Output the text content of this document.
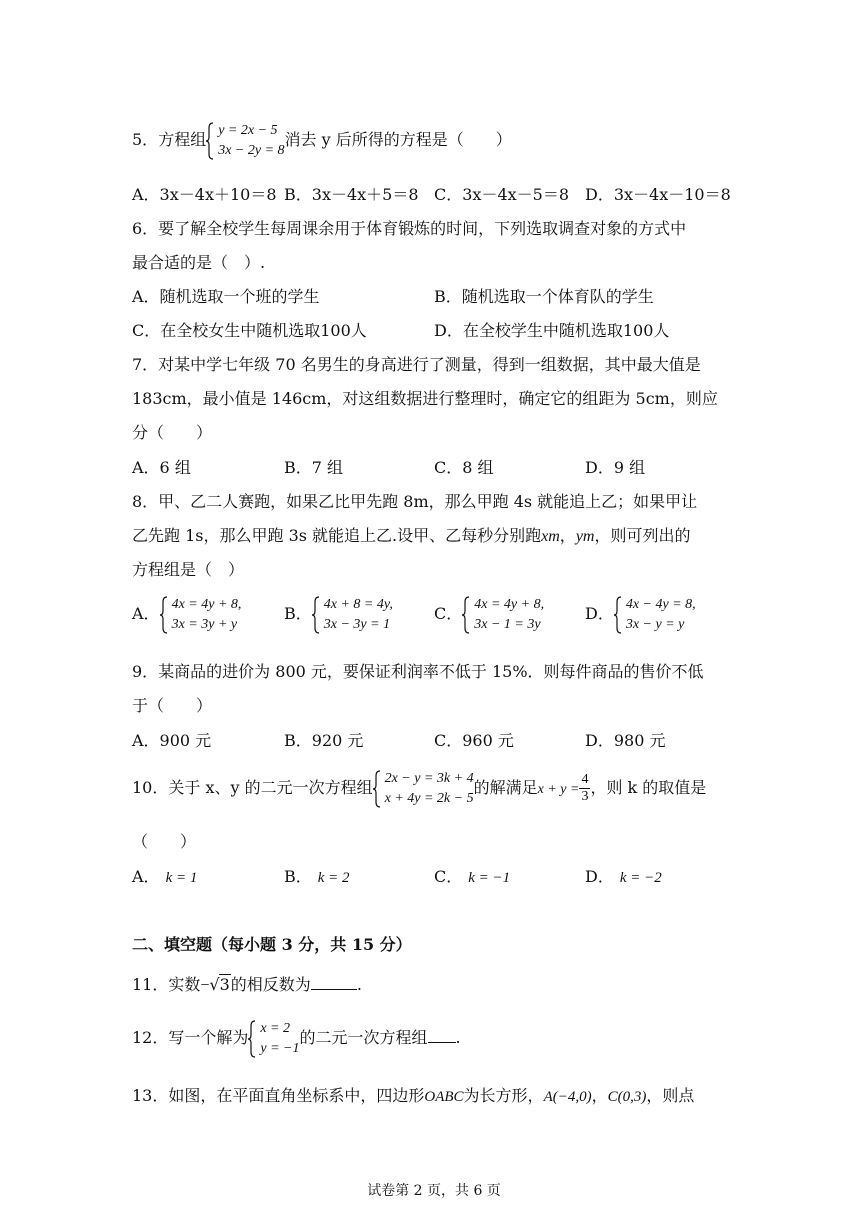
5．方程组 y = 2x − 5
3x − 2y = 8
消去 y 后所得的方程是（　　）
A．3x－4x＋10＝8 B．3x－4x＋5＝8 C．3x－4x－5＝8 D．3x－4x－10＝8
6．要了解全校学生每周课余用于体育锻炼的时间，下列选取调查对象的方式中
最合适的是（　）.
A．随机选取一个班的学生	B．随机选取一个体育队的学生
C．在全校女生中随机选取100人	D．在全校学生中随机选取100人
7．对某中学七年级 70 名男生的身高进行了测量，得到一组数据，其中最大值是
183cm，最小值是 146cm，对这组数据进行整理时，确定它的组距为 5cm，则应
分（　　）
A．6 组	B．7 组	C．8 组	D．9 组
8．甲、乙二人赛跑，如果乙比甲先跑 8m，那么甲跑 4s 就能追上乙；如果甲让
乙先跑 1s，那么甲跑 3s 就能追上乙.设甲、乙每秒分别跑xm，ym，则可列出的
方程组是（　）
A． 4x = 4y + 8,
3x = 3y + y
B． 4x + 8 = 4y,
3x − 3y = 1
C． 4x = 4y + 8,
3x − 1 = 3y
D． 4x − 4y = 8,
3x − y = y
9．某商品的进价为 800 元，要保证利润率不低于 15%．则每件商品的售价不低
于（　　）
A．900 元	B．920 元	C．960 元	D．980 元
10．关于 x、y 的二元一次方程组 2x − y = 3k + 4
x + 4y = 2k − 5
的解满足$x + y = \frac{4}{3}$ ，则 k 的取值是
（　　）
A． k = 1	B． k = 2	C． k = −1	D． k = −2
二、填空题（每小题 3 分，共 15 分）
11．实数−√3的相反数为	.
12．写一个解为 x = 2
y = −1
的二元一次方程组 .
13．如图，在平面直角坐标系中，四边形OABC为长方形，A(−4,0)，C(0,3)，则点
试卷第 2 页，共 6 页
